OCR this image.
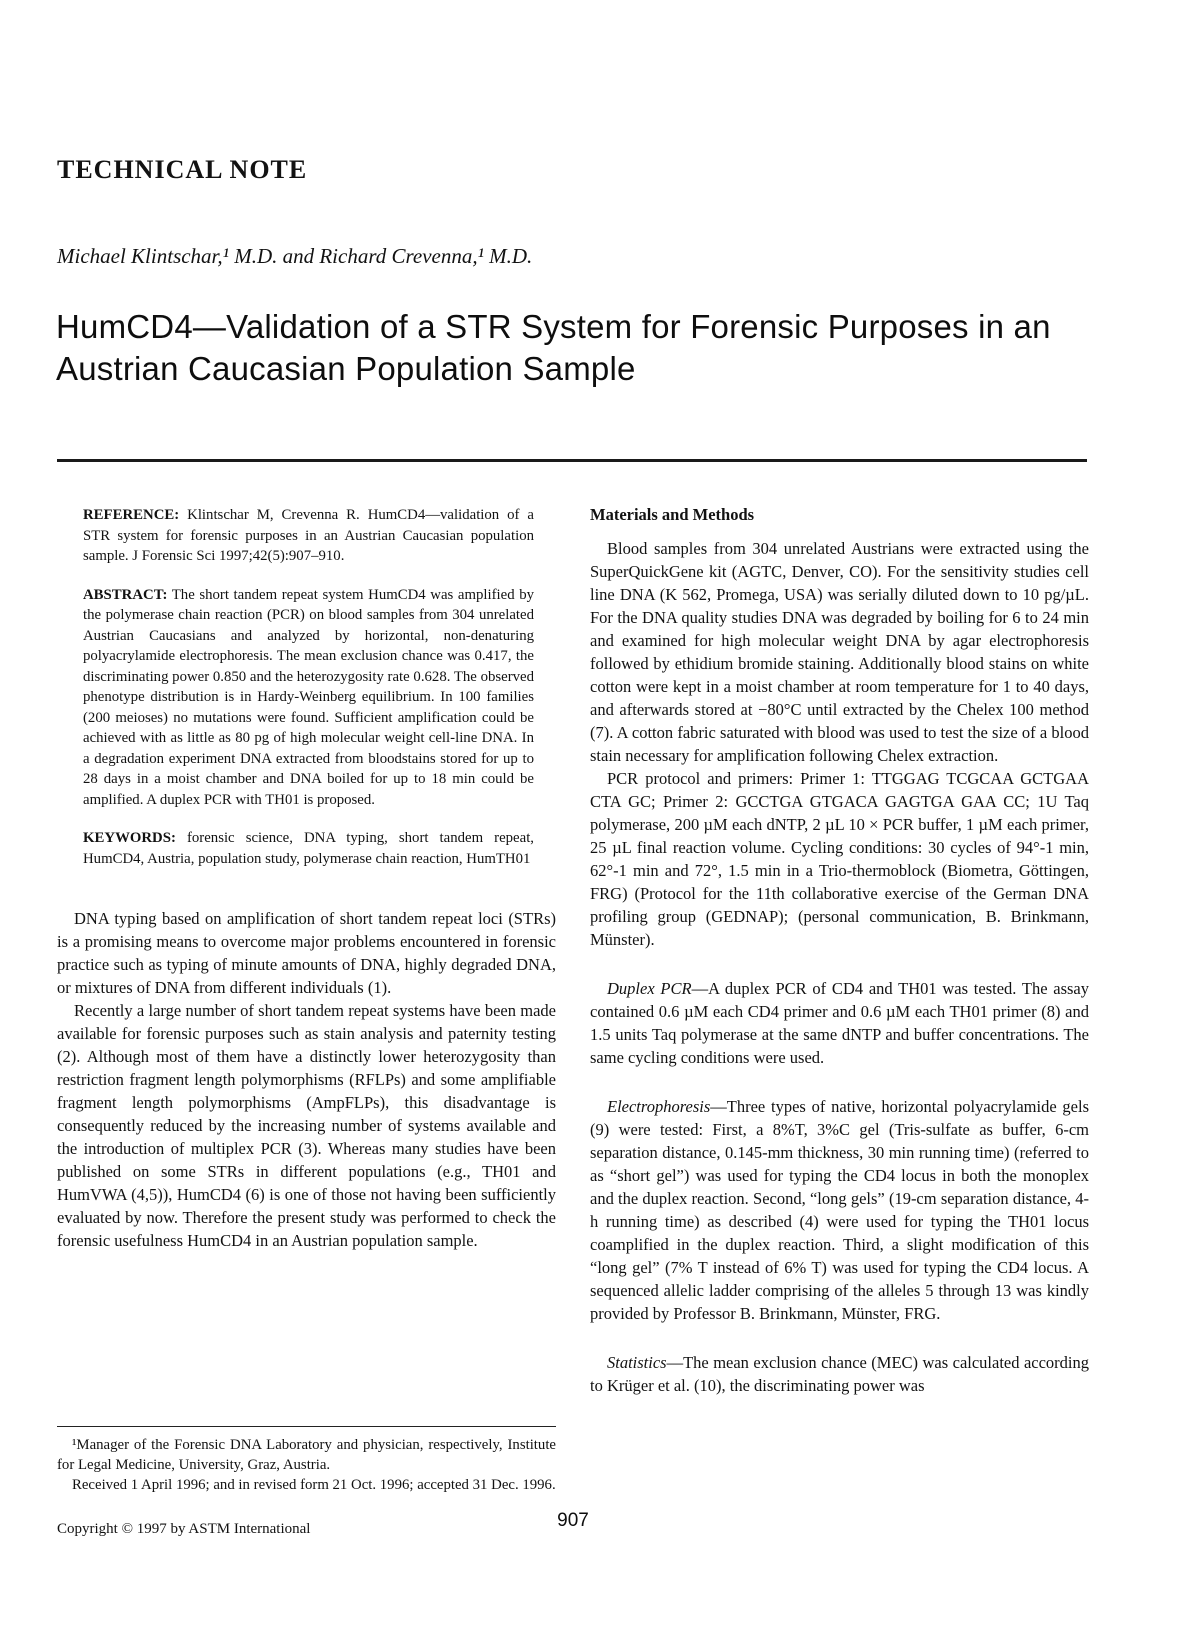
TECHNICAL NOTE
Michael Klintschar,¹ M.D. and Richard Crevenna,¹ M.D.
HumCD4—Validation of a STR System for Forensic Purposes in an Austrian Caucasian Population Sample

REFERENCE: Klintschar M, Crevenna R. HumCD4—validation of a STR system for forensic purposes in an Austrian Caucasian population sample. J Forensic Sci 1997;42(5):907–910.

ABSTRACT: The short tandem repeat system HumCD4 was amplified by the polymerase chain reaction (PCR) on blood samples from 304 unrelated Austrian Caucasians and analyzed by horizontal, non-denaturing polyacrylamide electrophoresis. The mean exclusion chance was 0.417, the discriminating power 0.850 and the heterozygosity rate 0.628. The observed phenotype distribution is in Hardy-Weinberg equilibrium. In 100 families (200 meioses) no mutations were found. Sufficient amplification could be achieved with as little as 80 pg of high molecular weight cell-line DNA. In a degradation experiment DNA extracted from bloodstains stored for up to 28 days in a moist chamber and DNA boiled for up to 18 min could be amplified. A duplex PCR with TH01 is proposed.

KEYWORDS: forensic science, DNA typing, short tandem repeat, HumCD4, Austria, population study, polymerase chain reaction, HumTH01

DNA typing based on amplification of short tandem repeat loci (STRs) is a promising means to overcome major problems encountered in forensic practice such as typing of minute amounts of DNA, highly degraded DNA, or mixtures of DNA from different individuals (1).

Recently a large number of short tandem repeat systems have been made available for forensic purposes such as stain analysis and paternity testing (2). Although most of them have a distinctly lower heterozygosity than restriction fragment length polymorphisms (RFLPs) and some amplifiable fragment length polymorphisms (AmpFLPs), this disadvantage is consequently reduced by the increasing number of systems available and the introduction of multiplex PCR (3). Whereas many studies have been published on some STRs in different populations (e.g., TH01 and HumVWA (4,5)), HumCD4 (6) is one of those not having been sufficiently evaluated by now. Therefore the present study was performed to check the forensic usefulness HumCD4 in an Austrian population sample.

¹Manager of the Forensic DNA Laboratory and physician, respectively, Institute for Legal Medicine, University, Graz, Austria.

Received 1 April 1996; and in revised form 21 Oct. 1996; accepted 31 Dec. 1996.

Materials and Methods

Blood samples from 304 unrelated Austrians were extracted using the SuperQuickGene kit (AGTC, Denver, CO). For the sensitivity studies cell line DNA (K 562, Promega, USA) was serially diluted down to 10 pg/µL. For the DNA quality studies DNA was degraded by boiling for 6 to 24 min and examined for high molecular weight DNA by agar electrophoresis followed by ethidium bromide staining. Additionally blood stains on white cotton were kept in a moist chamber at room temperature for 1 to 40 days, and afterwards stored at −80°C until extracted by the Chelex 100 method (7). A cotton fabric saturated with blood was used to test the size of a blood stain necessary for amplification following Chelex extraction.

PCR protocol and primers: Primer 1: TTGGAG TCGCAA GCTGAA CTA GC; Primer 2: GCCTGA GTGACA GAGTGA GAA CC; 1U Taq polymerase, 200 µM each dNTP, 2 µL 10 × PCR buffer, 1 µM each primer, 25 µL final reaction volume. Cycling conditions: 30 cycles of 94°-1 min, 62°-1 min and 72°, 1.5 min in a Trio-thermoblock (Biometra, Göttingen, FRG) (Protocol for the 11th collaborative exercise of the German DNA profiling group (GEDNAP); (personal communication, B. Brinkmann, Münster).

Duplex PCR—A duplex PCR of CD4 and TH01 was tested. The assay contained 0.6 µM each CD4 primer and 0.6 µM each TH01 primer (8) and 1.5 units Taq polymerase at the same dNTP and buffer concentrations. The same cycling conditions were used.

Electrophoresis—Three types of native, horizontal polyacrylamide gels (9) were tested: First, a 8%T, 3%C gel (Tris-sulfate as buffer, 6-cm separation distance, 0.145-mm thickness, 30 min running time) (referred to as “short gel”) was used for typing the CD4 locus in both the monoplex and the duplex reaction. Second, “long gels” (19-cm separation distance, 4-h running time) as described (4) were used for typing the TH01 locus coamplified in the duplex reaction. Third, a slight modification of this “long gel” (7% T instead of 6% T) was used for typing the CD4 locus. A sequenced allelic ladder comprising of the alleles 5 through 13 was kindly provided by Professor B. Brinkmann, Münster, FRG.

Statistics—The mean exclusion chance (MEC) was calculated according to Krüger et al. (10), the discriminating power was

Copyright © 1997 by ASTM International	907
